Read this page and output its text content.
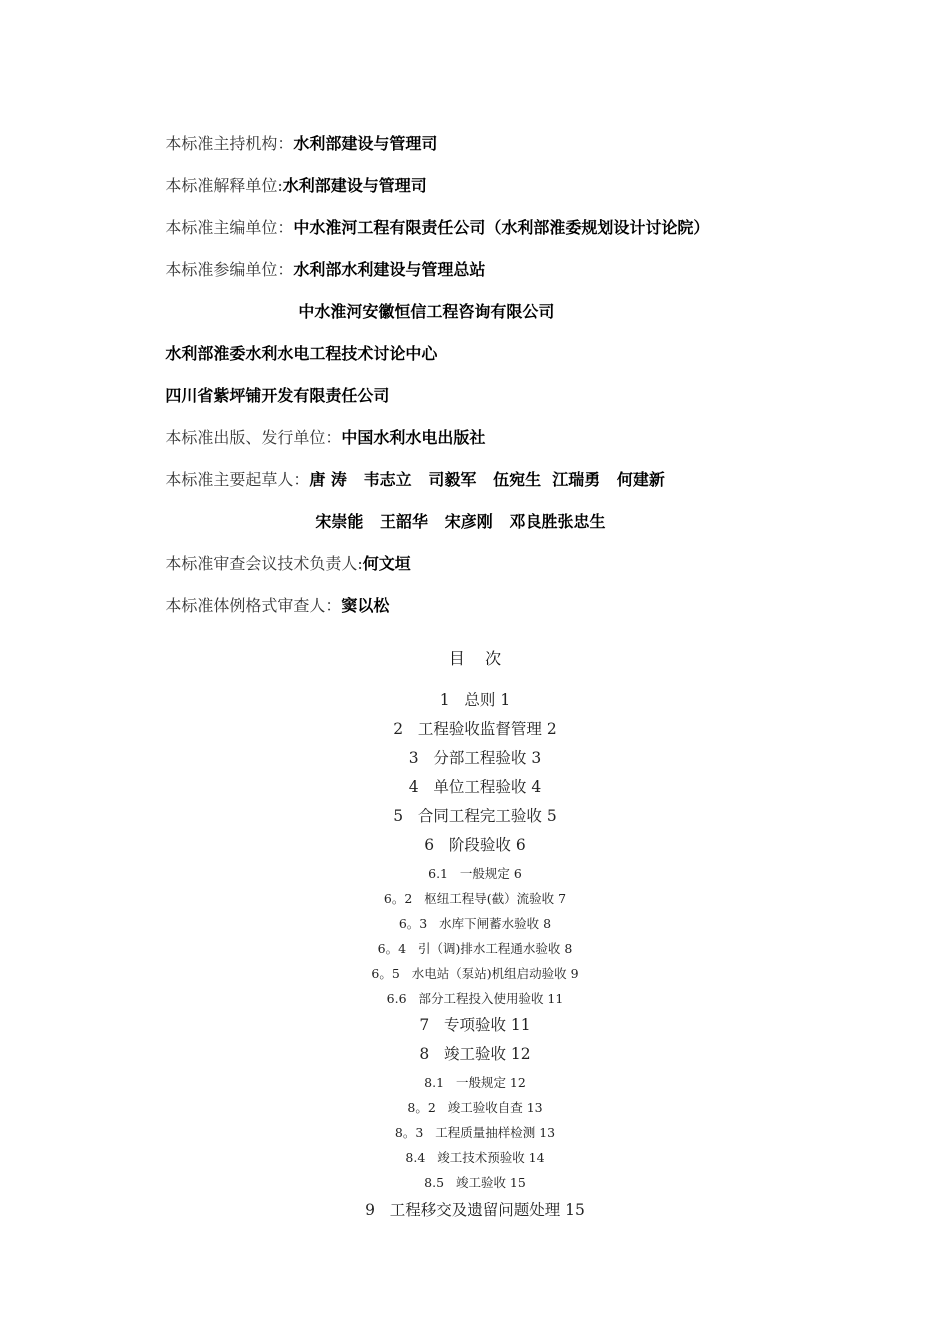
本标准主持机构：水利部建设与管理司

本标准解释单位:水利部建设与管理司

本标准主编单位：中水淮河工程有限责任公司（水利部淮委规划设计讨论院）

本标准参编单位：水利部水利建设与管理总站

中水淮河安徽恒信工程咨询有限公司

水利部淮委水利水电工程技术讨论中心

四川省紫坪铺开发有限责任公司

本标准出版、发行单位：中国水利水电出版社

本标准主要起草人：唐 涛   韦志立   司毅军   伍宛生  江瑞勇   何建新

宋崇能   王韶华   宋彦刚   邓良胜张忠生

本标准审查会议技术负责人:何文垣

本标准体例格式审查人：窦以松

目    次
1   总则 1
2   工程验收监督管理 2
3   分部工程验收 3
4   单位工程验收 4
5   合同工程完工验收 5
6   阶段验收 6
6.1   一般规定 6
6。2   枢纽工程导(截）流验收 7
6。3   水库下闸蓄水验收 8
6。4   引（调)排水工程通水验收 8
6。5   水电站（泵站)机组启动验收 9
6.6   部分工程投入使用验收 11
7   专项验收 11
8   竣工验收 12
8.1   一般规定 12
8。2   竣工验收自查 13
8。3   工程质量抽样检测 13
8.4   竣工技术预验收 14
8.5   竣工验收 15
9   工程移交及遗留问题处理 15
